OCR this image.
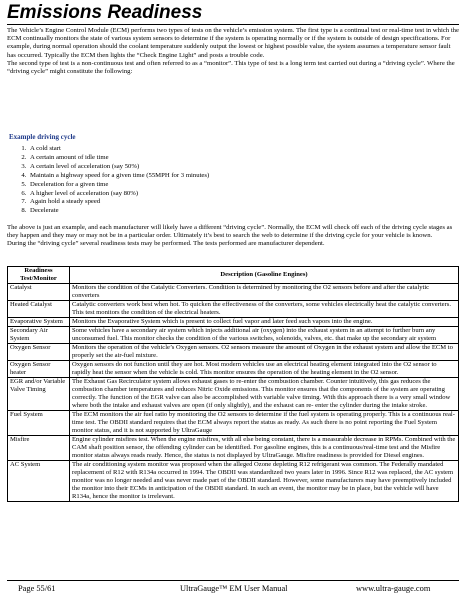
Emissions Readiness

The Vehicle’s Engine Control Module (ECM) performs two types of tests on the vehicle’s emission system. The first type is a continual test or real-time test in which the ECM continually monitors the state of various system sensors to determine if the system is operating normally or if the system is outside of design specifications. For example, during normal operation should the coolant temperature suddenly output the lowest or highest possible value, the system assumes a temperature sensor fault has occurred. Typically the ECM then lights the “Check Engine Light” and posts a trouble code.

The second type of test is a non-continuous test and often referred to as a “monitor”. This type of test is a long term test carried out during a “driving cycle”. Where the “driving cycle” might constitute the following:

Example driving cycle
1. A cold start
2. A certain amount of idle time
3. A certain level of acceleration (say 50%)
4. Maintain a highway speed for a given time (55MPH for 3 minutes)
5. Deceleration for a given time
6. A higher level of acceleration (say 80%)
7. Again hold a steady speed
8. Decelerate

The above is just an example, and each manufacturer will likely have a different “driving cycle”. Normally, the ECM will check off each of the driving cycle stages as they happen and they may or may not be in a particular order. Ultimately it’s best to search the web to determine if the driving cycle for your vehicle is known.

During the “driving cycle” several readiness tests may be performed. The tests performed are manufacturer dependent.

Readiness Test/Monitor	Description (Gasoline Engines)
Catalyst	Monitors the condition of the Catalytic Converters. Condition is determined by monitoring the O2 sensors before and after the catalytic converters
Heated Catalyst	Catalytic converters work best when hot. To quicken the effectiveness of the converters, some vehicles electrically heat the catalytic converters. This test monitors the condition of the electrical heaters.
Evaporative System	Monitors the Evaporative System which is present to collect fuel vapor and later feed such vapors into the engine.
Secondary Air System	Some vehicles have a secondary air system which injects additional air (oxygen) into the exhaust system in an attempt to further burn any unconsumed fuel. This monitor checks the condition of the various switches, solenoids, valves, etc. that make up the secondary air system
Oxygen Sensor	Monitors the operation of the vehicle’s Oxygen sensors. O2 sensors measure the amount of Oxygen in the exhaust system and allow the ECM to properly set the air-fuel mixture.
Oxygen Sensor heater	Oxygen sensors do not function until they are hot. Most modern vehicles use an electrical heating element integrated into the O2 sensor to rapidly heat the sensor when the vehicle is cold. This monitor ensures the operation of the heating element in the O2 sensor.
EGR and/or Variable Valve Timing	The Exhaust Gas Recirculator system allows exhaust gases to re-enter the combustion chamber. Counter intuitively, this gas reduces the combustion chamber temperatures and reduces Nitric Oxide emissions. This monitor ensures that the components of the system are operating correctly. The function of the EGR valve can also be accomplished with variable valve timing. With this approach there is a very small window where both the intake and exhaust valves are open (if only slightly), and the exhaust can re- enter the cylinder during the intake stroke.
Fuel System	The ECM monitors the air fuel ratio by monitoring the O2 sensors to determine if the fuel system is operating properly. This is a continuous real-time test. The OBDII standard requires that the ECM always report the status as ready. As such there is no point reporting the Fuel System monitor status, and it is not supported by UltraGauge
Misfire	Engine cylinder misfires test. When the engine misfires, with all else being constant, there is a measurable decrease in RPMs. Combined with the CAM shaft position sensor, the offending cylinder can be identified. For gasoline engines, this is a continuous/real-time test and the Misfire monitor status always reads ready. Hence, the status is not displayed by UltraGauge. Misfire readiness is provided for Diesel engines.
AC System	The air conditioning system monitor was proposed when the alleged Ozone depleting R12 refrigerant was common. The Federally mandated replacement of R12 with R134a occurred in 1994. The OBDII was standardized two years later in 1996. Since R12 was replaced, the AC system monitor was no longer needed and was never made part of the OBDII standard. However, some manufacturers may have preemptively included the monitor into their ECMs in anticipation of the OBDII standard. In such an event, the monitor may be in place, but the vehicle will have R134a, hence the monitor is irrelevant.
Page 55/61	UltraGauge™ EM User Manual	www.ultra-gauge.com
